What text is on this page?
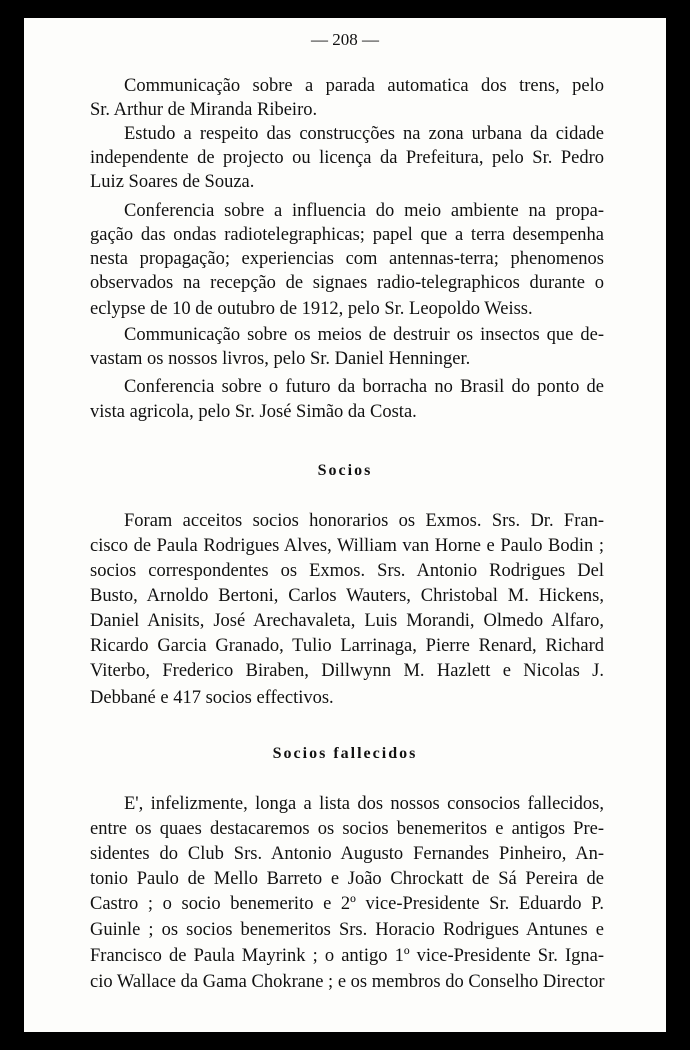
— 208 —
Communicação sobre a parada automatica dos trens, pelo
Sr. Arthur de Miranda Ribeiro.
Estudo a respeito das construcções na zona urbana da cidade
independente de projecto ou licença da Prefeitura, pelo Sr. Pedro
Luiz Soares de Souza.
Conferencia sobre a influencia do meio ambiente na propa-
gação das ondas radiotelegraphicas; papel que a terra desempenha
nesta propagação; experiencias com antennas-terra; phenomenos
observados na recepção de signaes radio-telegraphicos durante o
eclypse de 10 de outubro de 1912, pelo Sr. Leopoldo Weiss.
Communicação sobre os meios de destruir os insectos que de-
vastam os nossos livros, pelo Sr. Daniel Henninger.
Conferencia sobre o futuro da borracha no Brasil do ponto de
vista agricola, pelo Sr. José Simão da Costa.
Socios
Foram acceitos socios honorarios os Exmos. Srs. Dr. Fran-
cisco de Paula Rodrigues Alves, William van Horne e Paulo Bodin ;
socios correspondentes os Exmos. Srs. Antonio Rodrigues Del
Busto, Arnoldo Bertoni, Carlos Wauters, Christobal M. Hickens,
Daniel Anisits, José Arechavaleta, Luis Morandi, Olmedo Alfaro,
Ricardo Garcia Granado, Tulio Larrinaga, Pierre Renard, Richard
Viterbo, Frederico Biraben, Dillwynn M. Hazlett e Nicolas J.
Debbané e 417 socios effectivos.
Socios fallecidos
E', infelizmente, longa a lista dos nossos consocios fallecidos,
entre os quaes destacaremos os socios benemeritos e antigos Pre-
sidentes do Club Srs. Antonio Augusto Fernandes Pinheiro, An-
tonio Paulo de Mello Barreto e João Chrockatt de Sá Pereira de
Castro ; o socio benemerito e 2º vice-Presidente Sr. Eduardo P.
Guinle ; os socios benemeritos Srs. Horacio Rodrigues Antunes e
Francisco de Paula Mayrink ; o antigo 1º vice-Presidente Sr. Igna-
cio Wallace da Gama Chokrane ; e os membros do Conselho Director
